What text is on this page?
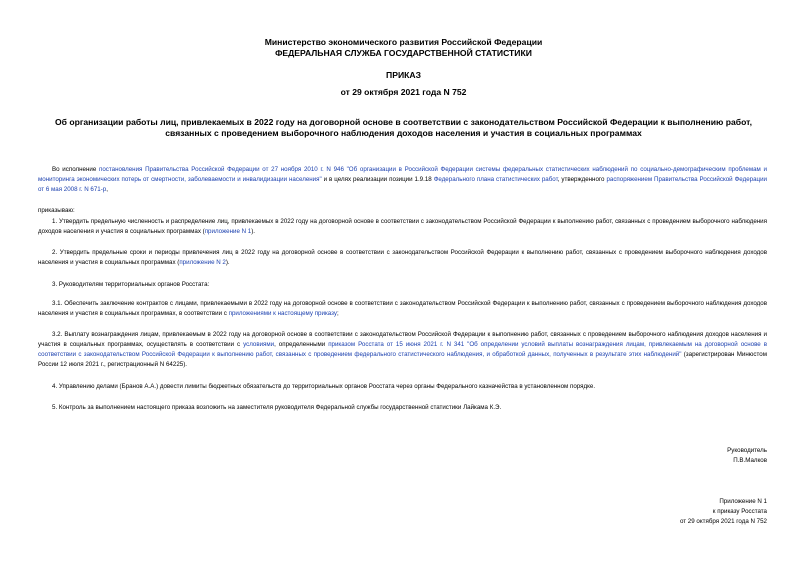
Министерство экономического развития Российской Федерации
ФЕДЕРАЛЬНАЯ СЛУЖБА ГОСУДАРСТВЕННОЙ СТАТИСТИКИ
ПРИКАЗ
от 29 октября 2021 года N 752
Об организации работы лиц, привлекаемых в 2022 году на договорной основе в соответствии с законодательством Российской Федерации к выполнению работ, связанных с проведением выборочного наблюдения доходов населения и участия в социальных программах

Во исполнение постановления Правительства Российской Федерации от 27 ноября 2010 г. N 946 "Об организации в Российской Федерации системы федеральных статистических наблюдений по социально-демографическим проблемам и мониторинга экономических потерь от смертности, заболеваемости и инвалидизации населения" и в целях реализации позиции 1.9.18 Федерального плана статистических работ, утвержденного распоряжением Правительства Российской Федерации от 6 мая 2008 г. N 671-р,

приказываю:

1. Утвердить предельную численность и распределение лиц, привлекаемых в 2022 году на договорной основе в соответствии с законодательством Российской Федерации к выполнению работ, связанных с проведением выборочного наблюдения доходов населения и участия в социальных программах (приложение N 1).

2. Утвердить предельные сроки и периоды привлечения лиц в 2022 году на договорной основе в соответствии с законодательством Российской Федерации к выполнению работ, связанных с проведением выборочного наблюдения доходов населения и участия в социальных программах (приложение N 2).

3. Руководителям территориальных органов Росстата:

3.1. Обеспечить заключение контрактов с лицами, привлекаемыми в 2022 году на договорной основе в соответствии с законодательством Российской Федерации к выполнению работ, связанных с проведением выборочного наблюдения доходов населения и участия в социальных программах, в соответствии с приложениями к настоящему приказу;

3.2. Выплату вознаграждения лицам, привлекаемым в 2022 году на договорной основе в соответствии с законодательством Российской Федерации к выполнению работ, связанных с проведением выборочного наблюдения доходов населения и участия в социальных программах, осуществлять в соответствии с условиями, определенными приказом Росстата от 15 июня 2021 г. N 341 "Об определении условий выплаты вознаграждения лицам, привлекаемым на договорной основе в соответствии с законодательством Российской Федерации к выполнению работ, связанных с проведением федерального статистического наблюдения, и обработкой данных, полученных в результате этих наблюдений" (зарегистрирован Минюстом России 12 июля 2021 г., регистрационный N 64225).

4. Управлению делами (Бранов А.А.) довести лимиты бюджетных обязательств до территориальных органов Росстата через органы Федерального казначейства в установленном порядке.

5. Контроль за выполнением настоящего приказа возложить на заместителя руководителя Федеральной службы государственной статистики Лайкама К.Э.

Руководитель
П.В.Малков
Приложение N 1
к приказу Росстата
от 29 октября 2021 года N 752
